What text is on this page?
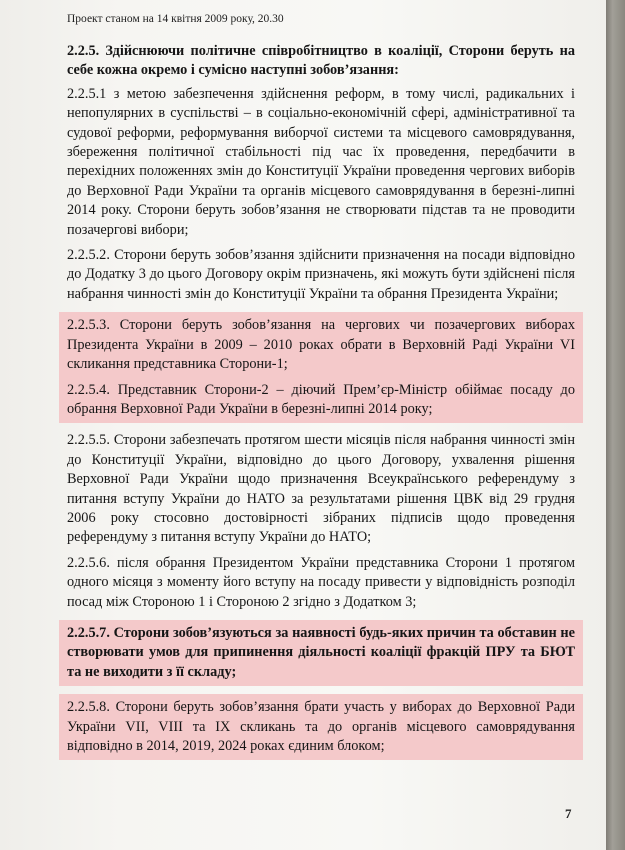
Проект станом на 14 квітня 2009 року, 20.30

2.2.5. Здійснюючи політичне співробітництво в коаліції, Сторони беруть на себе кожна окремо і сумісно наступні зобов’язання:

2.2.5.1 з метою забезпечення здійснення реформ, в тому числі, радикальних і непопулярних в суспільстві – в соціально-економічній сфері, адміністративної та судової реформи, реформування виборчої системи та місцевого самоврядування, збереження політичної стабільності під час їх проведення, передбачити в перехідних положеннях змін до Конституції України проведення чергових виборів до Верховної Ради України та органів місцевого самоврядування в березні-липні 2014 року. Сторони беруть зобов’язання не створювати підстав та не проводити позачергові вибори;

2.2.5.2. Сторони беруть зобов’язання здійснити призначення на посади відповідно до Додатку 3 до цього Договору окрім призначень, які можуть бути здійснені після набрання чинності змін до Конституції України та обрання Президента України;

2.2.5.3. Сторони беруть зобов’язання на чергових чи позачергових виборах Президента України в 2009 – 2010 роках обрати в Верховній Раді України VI скликання представника Сторони-1;

2.2.5.4. Представник Сторони-2 – діючий Прем’єр-Міністр обіймає посаду до обрання Верховної Ради України в березні-липні 2014 року;

2.2.5.5. Сторони забезпечать протягом шести місяців після набрання чинності змін до Конституції України, відповідно до цього Договору, ухвалення рішення Верховної Ради України щодо призначення Всеукраїнського референдуму з питання вступу України до НАТО за результатами рішення ЦВК від 29 грудня 2006 року стосовно достовірності зібраних підписів щодо проведення референдуму з питання вступу України до НАТО;

2.2.5.6. після обрання Президентом України представника Сторони 1 протягом одного місяця з моменту його вступу на посаду привести у відповідність розподіл посад між Стороною 1 і Стороною 2 згідно з Додатком 3;

2.2.5.7. Сторони зобов’язуються за наявності будь-яких причин та обставин не створювати умов для припинення діяльності коаліції фракцій ПРУ та БЮТ та не виходити з її складу;

2.2.5.8. Сторони беруть зобов’язання брати участь у виборах до Верховної Ради України VII, VIII та IX скликань та до органів місцевого самоврядування відповідно в 2014, 2019, 2024 роках єдиним блоком;

7
